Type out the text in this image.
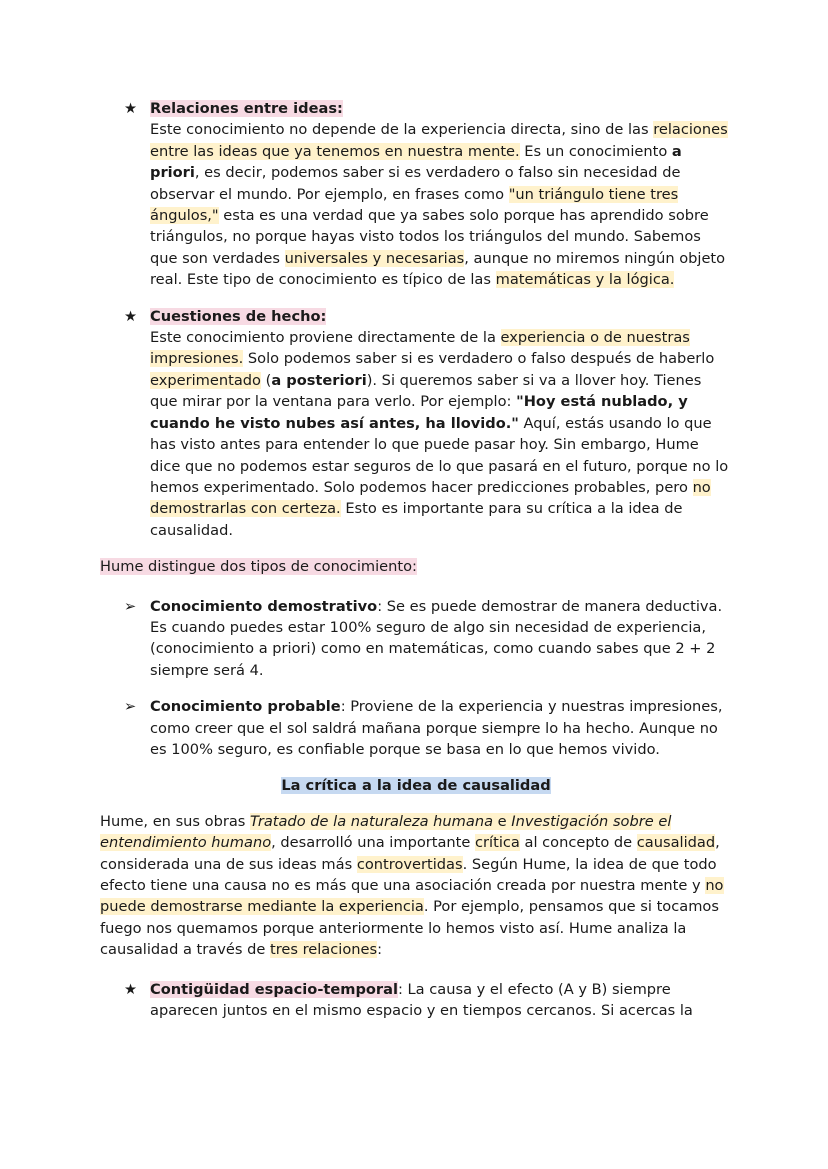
★ Relaciones entre ideas:
Este conocimiento no depende de la experiencia directa, sino de las relaciones entre las ideas que ya tenemos en nuestra mente. Es un conocimiento a priori, es decir, podemos saber si es verdadero o falso sin necesidad de observar el mundo. Por ejemplo, en frases como "un triángulo tiene tres ángulos," esta es una verdad que ya sabes solo porque has aprendido sobre triángulos, no porque hayas visto todos los triángulos del mundo. Sabemos que son verdades universales y necesarias, aunque no miremos ningún objeto real. Este tipo de conocimiento es típico de las matemáticas y la lógica.
★ Cuestiones de hecho:
Este conocimiento proviene directamente de la experiencia o de nuestras impresiones. Solo podemos saber si es verdadero o falso después de haberlo experimentado (a posteriori). Si queremos saber si va a llover hoy. Tienes que mirar por la ventana para verlo. Por ejemplo: "Hoy está nublado, y cuando he visto nubes así antes, ha llovido." Aquí, estás usando lo que has visto antes para entender lo que puede pasar hoy. Sin embargo, Hume dice que no podemos estar seguros de lo que pasará en el futuro, porque no lo hemos experimentado. Solo podemos hacer predicciones probables, pero no demostrarlas con certeza. Esto es importante para su crítica a la idea de causalidad.

Hume distingue dos tipos de conocimiento:

➢ Conocimiento demostrativo: Se es puede demostrar de manera deductiva. Es cuando puedes estar 100% seguro de algo sin necesidad de experiencia, (conocimiento a priori) como en matemáticas, como cuando sabes que 2 + 2 siempre será 4.
➢ Conocimiento probable: Proviene de la experiencia y nuestras impresiones, como creer que el sol saldrá mañana porque siempre lo ha hecho. Aunque no es 100% seguro, es confiable porque se basa en lo que hemos vivido.
La crítica a la idea de causalidad

Hume, en sus obras Tratado de la naturaleza humana e Investigación sobre el entendimiento humano, desarrolló una importante crítica al concepto de causalidad, considerada una de sus ideas más controvertidas. Según Hume, la idea de que todo efecto tiene una causa no es más que una asociación creada por nuestra mente y no puede demostrarse mediante la experiencia. Por ejemplo, pensamos que si tocamos fuego nos quemamos porque anteriormente lo hemos visto así. Hume analiza la causalidad a través de tres relaciones:

★ Contigüidad espacio-temporal: La causa y el efecto (A y B) siempre aparecen juntos en el mismo espacio y en tiempos cercanos. Si acercas la
